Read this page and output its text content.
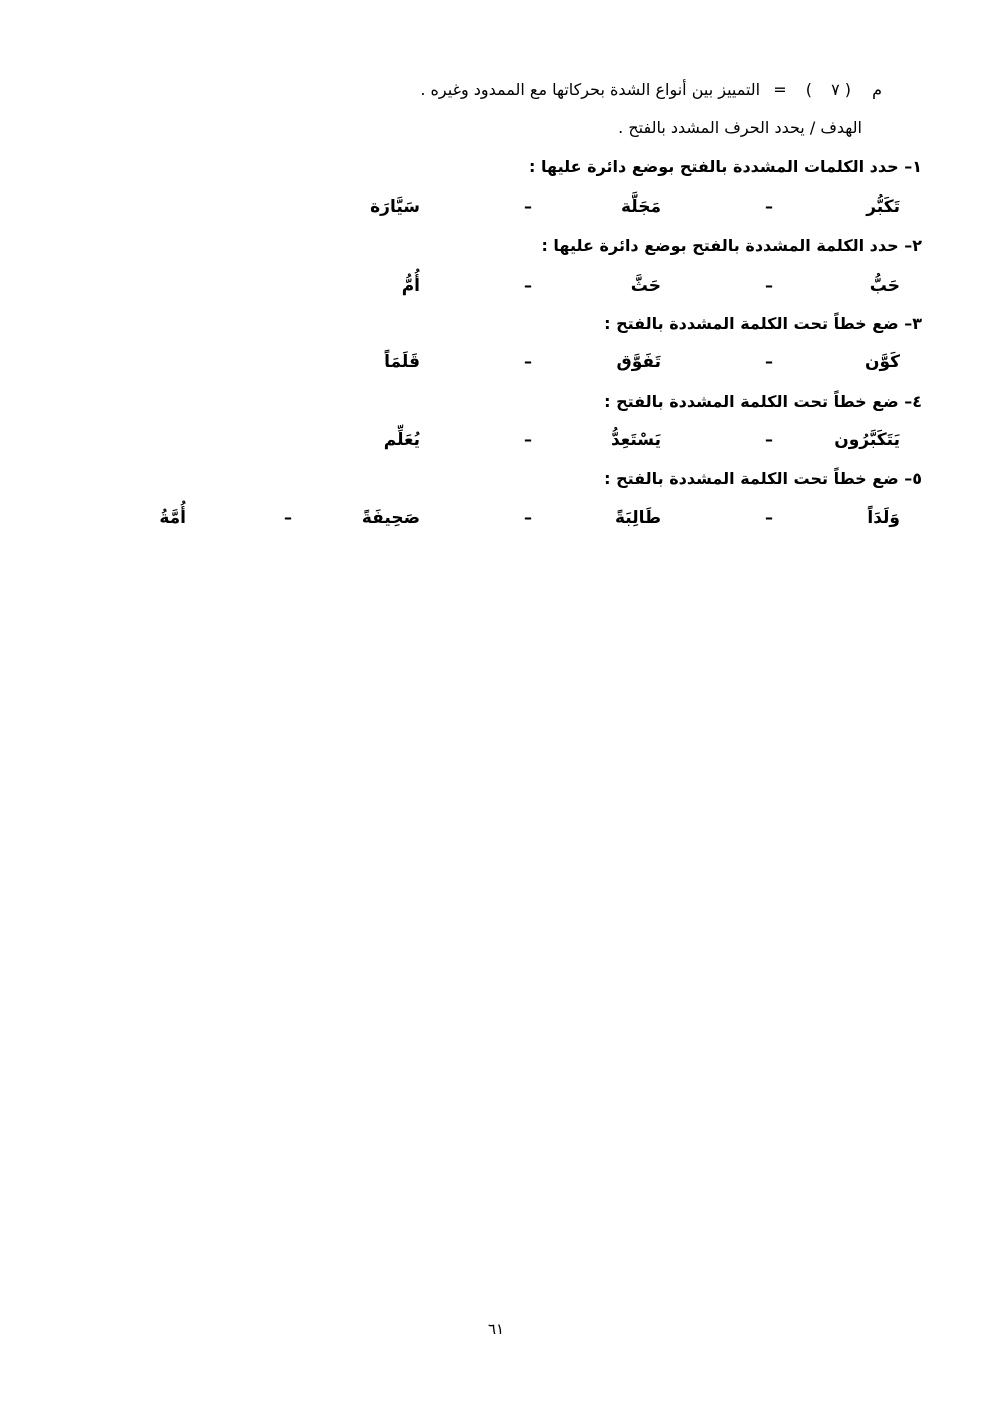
م ( ٧ ) = التمييز بين أنواع الشدة بحركاتها مع الممدود وغيره .
الهدف / يحدد الحرف المشدد بالفتح .
١– حدد الكلمات المشددة بالفتح بوضع دائرة عليها :
تَكَبُّر
–
مَجَلَّة
–
سَيَّارَة
٢– حدد الكلمة المشددة بالفتح بوضع دائرة عليها :
حَبُّ
–
حَثَّ
–
أُمُّ
٣– ضع خطاً تحت الكلمة المشددة بالفتح :
كَوَّن
–
تَفَوَّق
–
قَلَمَاً
٤– ضع خطاً تحت الكلمة المشددة بالفتح :
يَتَكَبَّرُون
–
يَسْتَعِدُّ
–
يُعَلِّم
٥– ضع خطاً تحت الكلمة المشددة بالفتح :
وَلَدَاً
–
طَالِبَةً
–
صَحِيفَةً
–
أُمَّةُ
٦١
